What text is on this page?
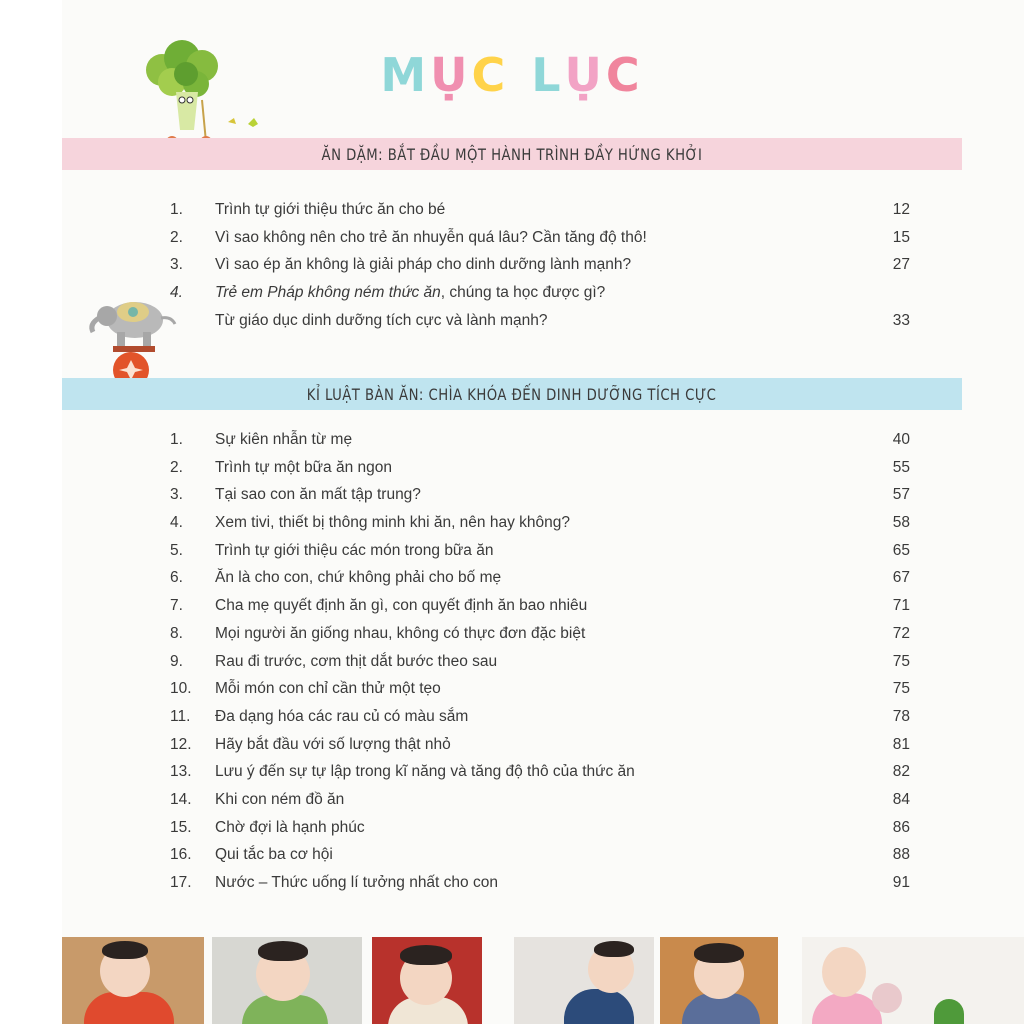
MỤC LỤC
ĂN DẶM: BẮT ĐẦU MỘT HÀNH TRÌNH ĐẦY HỨNG KHỞI
1.	Trình tự giới thiệu thức ăn cho bé	12
2.	Vì sao không nên cho trẻ ăn nhuyễn quá lâu? Cần tăng độ thô!	15
3.	Vì sao ép ăn không là giải pháp cho dinh dưỡng lành mạnh?	27
4.	Trẻ em Pháp không ném thức ăn, chúng ta học được gì?
Từ giáo dục dinh dưỡng tích cực và lành mạnh?	33
KỈ LUẬT BÀN ĂN: CHÌA KHÓA ĐẾN DINH DƯỠNG TÍCH CỰC
1.	Sự kiên nhẫn từ mẹ	40
2.	Trình tự một bữa ăn ngon	55
3.	Tại sao con ăn mất tập trung?	57
4.	Xem tivi, thiết bị thông minh khi ăn, nên hay không?	58
5.	Trình tự giới thiệu các món trong bữa ăn	65
6.	Ăn là cho con, chứ không phải cho bố mẹ	67
7.	Cha mẹ quyết định ăn gì, con quyết định ăn bao nhiêu	71
8.	Mọi người ăn giống nhau, không có thực đơn đặc biệt	72
9.	Rau đi trước, cơm thịt dắt bước theo sau	75
10.	Mỗi món con chỉ cần thử một tẹo	75
11.	Đa dạng hóa các rau củ có màu sắm	78
12.	Hãy bắt đầu với số lượng thật nhỏ	81
13.	Lưu ý đến sự tự lập trong kĩ năng và tăng độ thô của thức ăn	82
14.	Khi con ném đồ ăn	84
15.	Chờ đợi là hạnh phúc	86
16.	Qui tắc ba cơ hội	88
17.	Nước – Thức uống lí tưởng nhất cho con	91
